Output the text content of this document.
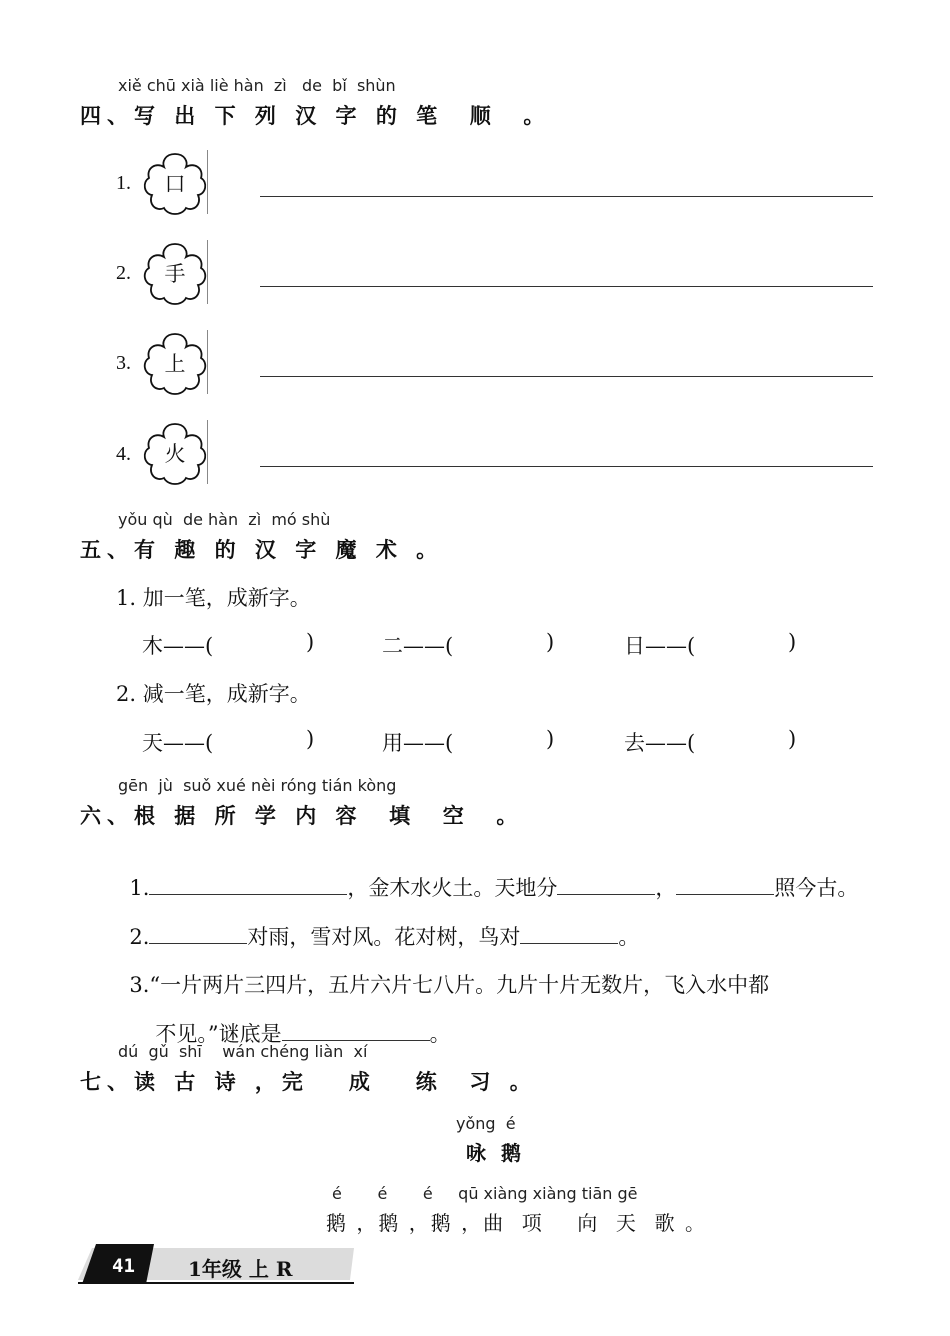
xiě chū xià liè hàn  zì   de  bǐ  shùn
四、写 出 下 列 汉 字 的 笔  顺  。
1.	口
2.	手
3.	上
4.	火
yǒu qù  de hàn  zì  mó shù
五、有 趣 的 汉 字 魔 术 。
1. 加一笔，成新字。
木——(	)	二——(	)	日——(	)
2. 减一笔，成新字。
天——(	)	用——(	)	去——(	)
gēn  jù  suǒ xué nèi róng tián kòng
六、根 据 所 学 内 容  填  空  。

1.	，金木水火土。天地分	，	照今古。

2.	对雨，雪对风。花对树，鸟对	。

3.“一片两片三四片，五片六片七八片。九片十片无数片，飞入水中都

不见。”谜底是	。

dú  gǔ  shī    wán chéng liàn  xí
七、读 古 诗 ，完   成   练  习 。
yǒng  é
咏 鹅
é       é       é     qū xiàng xiàng tiān gē
鹅 ，鹅 ，鹅 ，曲  项    向  天  歌 。
41	1年级 上 R
